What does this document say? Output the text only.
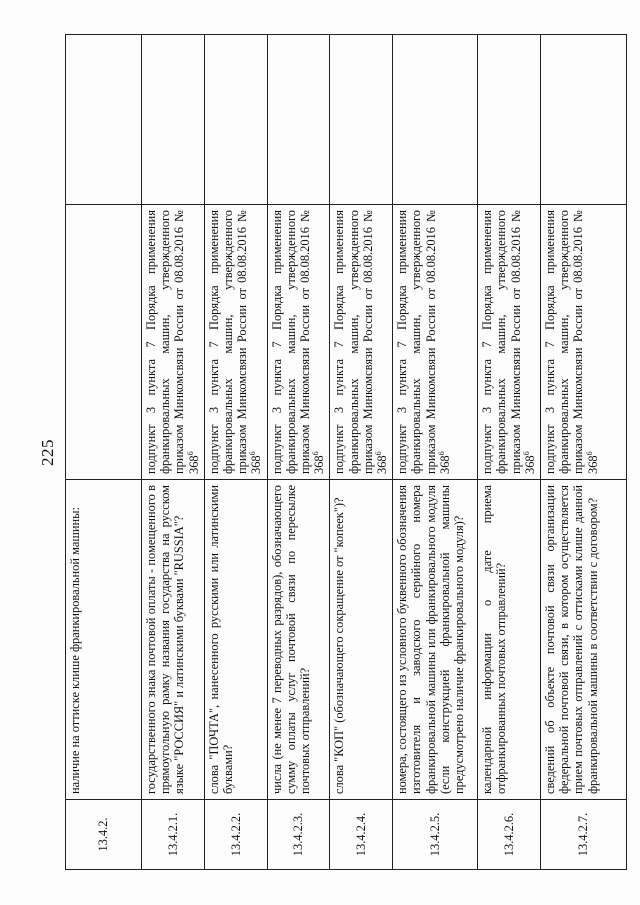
225
13.4.2.	наличие на оттиске клише франкировальной машины:		
13.4.2.1.	государственного знака почтовой оплаты - помещенного в прямоугольную рамку названия государства на русском языке "РОССИЯ" и латинскими буквами "RUSSIA"?	подпункт 3 пункта 7 Порядка применения франкировальных машин, утвержденного приказом Минкомсвязи России от 08.08.2016 № $368^6$	
13.4.2.2.	слова "ПОЧТА", нанесенного русскими или латинскими буквами?	подпункт 3 пункта 7 Порядка применения франкировальных машин, утвержденного приказом Минкомсвязи России от 08.08.2016 № $368^6$	
13.4.2.3.	числа (не менее 7 переводных разрядов), обозначающего сумму оплаты услуг почтовой связи по пересылке почтовых отправлений?	подпункт 3 пункта 7 Порядка применения франкировальных машин, утвержденного приказом Минкомсвязи России от 08.08.2016 № $368^6$	
13.4.2.4.	слова "КОП" (обозначающего сокращение от "копеек")?	подпункт 3 пункта 7 Порядка применения франкировальных машин, утвержденного приказом Минкомсвязи России от 08.08.2016 № $368^6$	
13.4.2.5.	номера, состоящего из условного буквенного обозначения изготовителя и заводского серийного номера франкировальной машины или франкировального модуля (если конструкцией франкировальной машины предусмотрено наличие франкировального модуля)?	подпункт 3 пункта 7 Порядка применения франкировальных машин, утвержденного приказом Минкомсвязи России от 08.08.2016 № $368^6$	
13.4.2.6.	календарной информации о дате приема отфранкированных почтовых отправлений?	подпункт 3 пункта 7 Порядка применения франкировальных машин, утвержденного приказом Минкомсвязи России от 08.08.2016 № $368^6$	
13.4.2.7.	сведений об объекте почтовой связи организации федеральной почтовой связи, в котором осуществляется прием почтовых отправлений с оттисками клише данной франкировальной машины в соответствии с договором?	подпункт 3 пункта 7 Порядка применения франкировальных машин, утвержденного приказом Минкомсвязи России от 08.08.2016 № $368^6$	
